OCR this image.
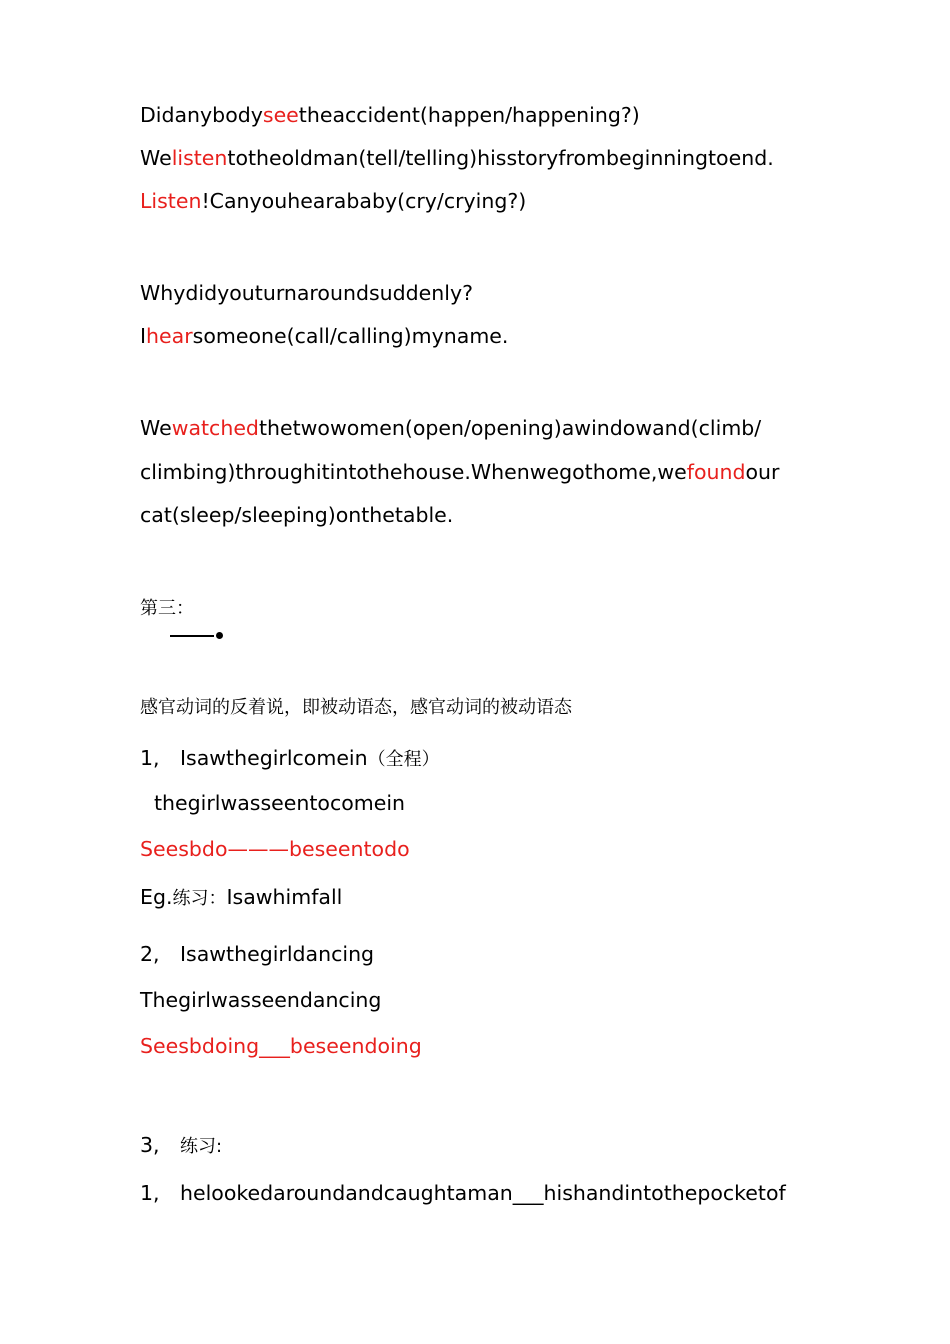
Didanybodyseetheaccident(happen/happening?)
Welistentotheoldman(tell/telling)hisstoryfrombeginningtoend.
Listen!Canyouhearababy(cry/crying?)
Whydidyouturnaroundsuddenly?
Ihearsomeone(call/calling)myname.
Wewatchedthetwowomen(open/opening)awindowand(climb/
climbing)throughitintothehouse.Whenwegothome,wefoundour
cat(sleep/sleeping)onthetable.
第三：
感官动词的反着说，即被动语态，感官动词的被动语态
1, Isawthegirlcomein（全程）
thegirlwasseentocomein
Seesbdo———beseentodo
Eg.练习：Isawhimfall
2, Isawthegirldancing
Thegirlwasseendancing
Seesbdoing___beseendoing
3, 练习:
1, helookedaroundandcaughtaman___hishandintothepocketof
